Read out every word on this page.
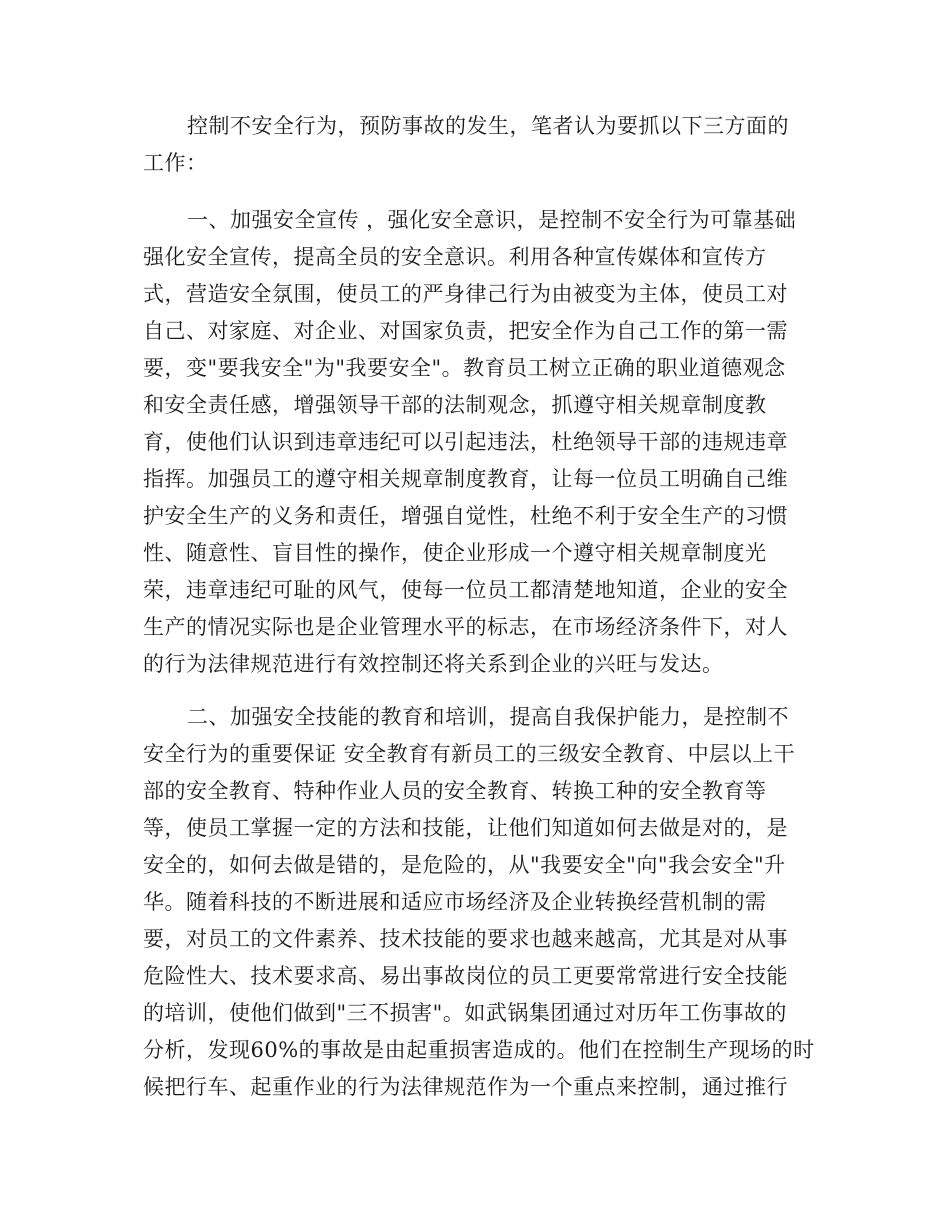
控制不安全行为，预防事故的发生，笔者认为要抓以下三方面的
工作：
一、加强安全宣传 ，强化安全意识，是控制不安全行为可靠基础
强化安全宣传，提高全员的安全意识。利用各种宣传媒体和宣传方
式，营造安全氛围，使员工的严身律己行为由被变为主体，使员工对
自己、对家庭、对企业、对国家负责，把安全作为自己工作的第一需
要，变"要我安全"为"我要安全"。教育员工树立正确的职业道德观念
和安全责任感，增强领导干部的法制观念，抓遵守相关规章制度教
育，使他们认识到违章违纪可以引起违法，杜绝领导干部的违规违章
指挥。加强员工的遵守相关规章制度教育，让每一位员工明确自己维
护安全生产的义务和责任，增强自觉性，杜绝不利于安全生产的习惯
性、随意性、盲目性的操作，使企业形成一个遵守相关规章制度光
荣，违章违纪可耻的风气，使每一位员工都清楚地知道，企业的安全
生产的情况实际也是企业管理水平的标志，在市场经济条件下，对人
的行为法律规范进行有效控制还将关系到企业的兴旺与发达。
二、加强安全技能的教育和培训，提高自我保护能力，是控制不
安全行为的重要保证 安全教育有新员工的三级安全教育、中层以上干
部的安全教育、特种作业人员的安全教育、转换工种的安全教育等
等，使员工掌握一定的方法和技能，让他们知道如何去做是对的，是
安全的，如何去做是错的，是危险的，从"我要安全"向"我会安全"升
华。随着科技的不断进展和适应市场经济及企业转换经营机制的需
要，对员工的文件素养、技术技能的要求也越来越高，尤其是对从事
危险性大、技术要求高、易出事故岗位的员工更要常常进行安全技能
的培训，使他们做到"三不损害"。如武锅集团通过对历年工伤事故的
分析，发现60%的事故是由起重损害造成的。他们在控制生产现场的时
候把行车、起重作业的行为法律规范作为一个重点来控制，通过推行
